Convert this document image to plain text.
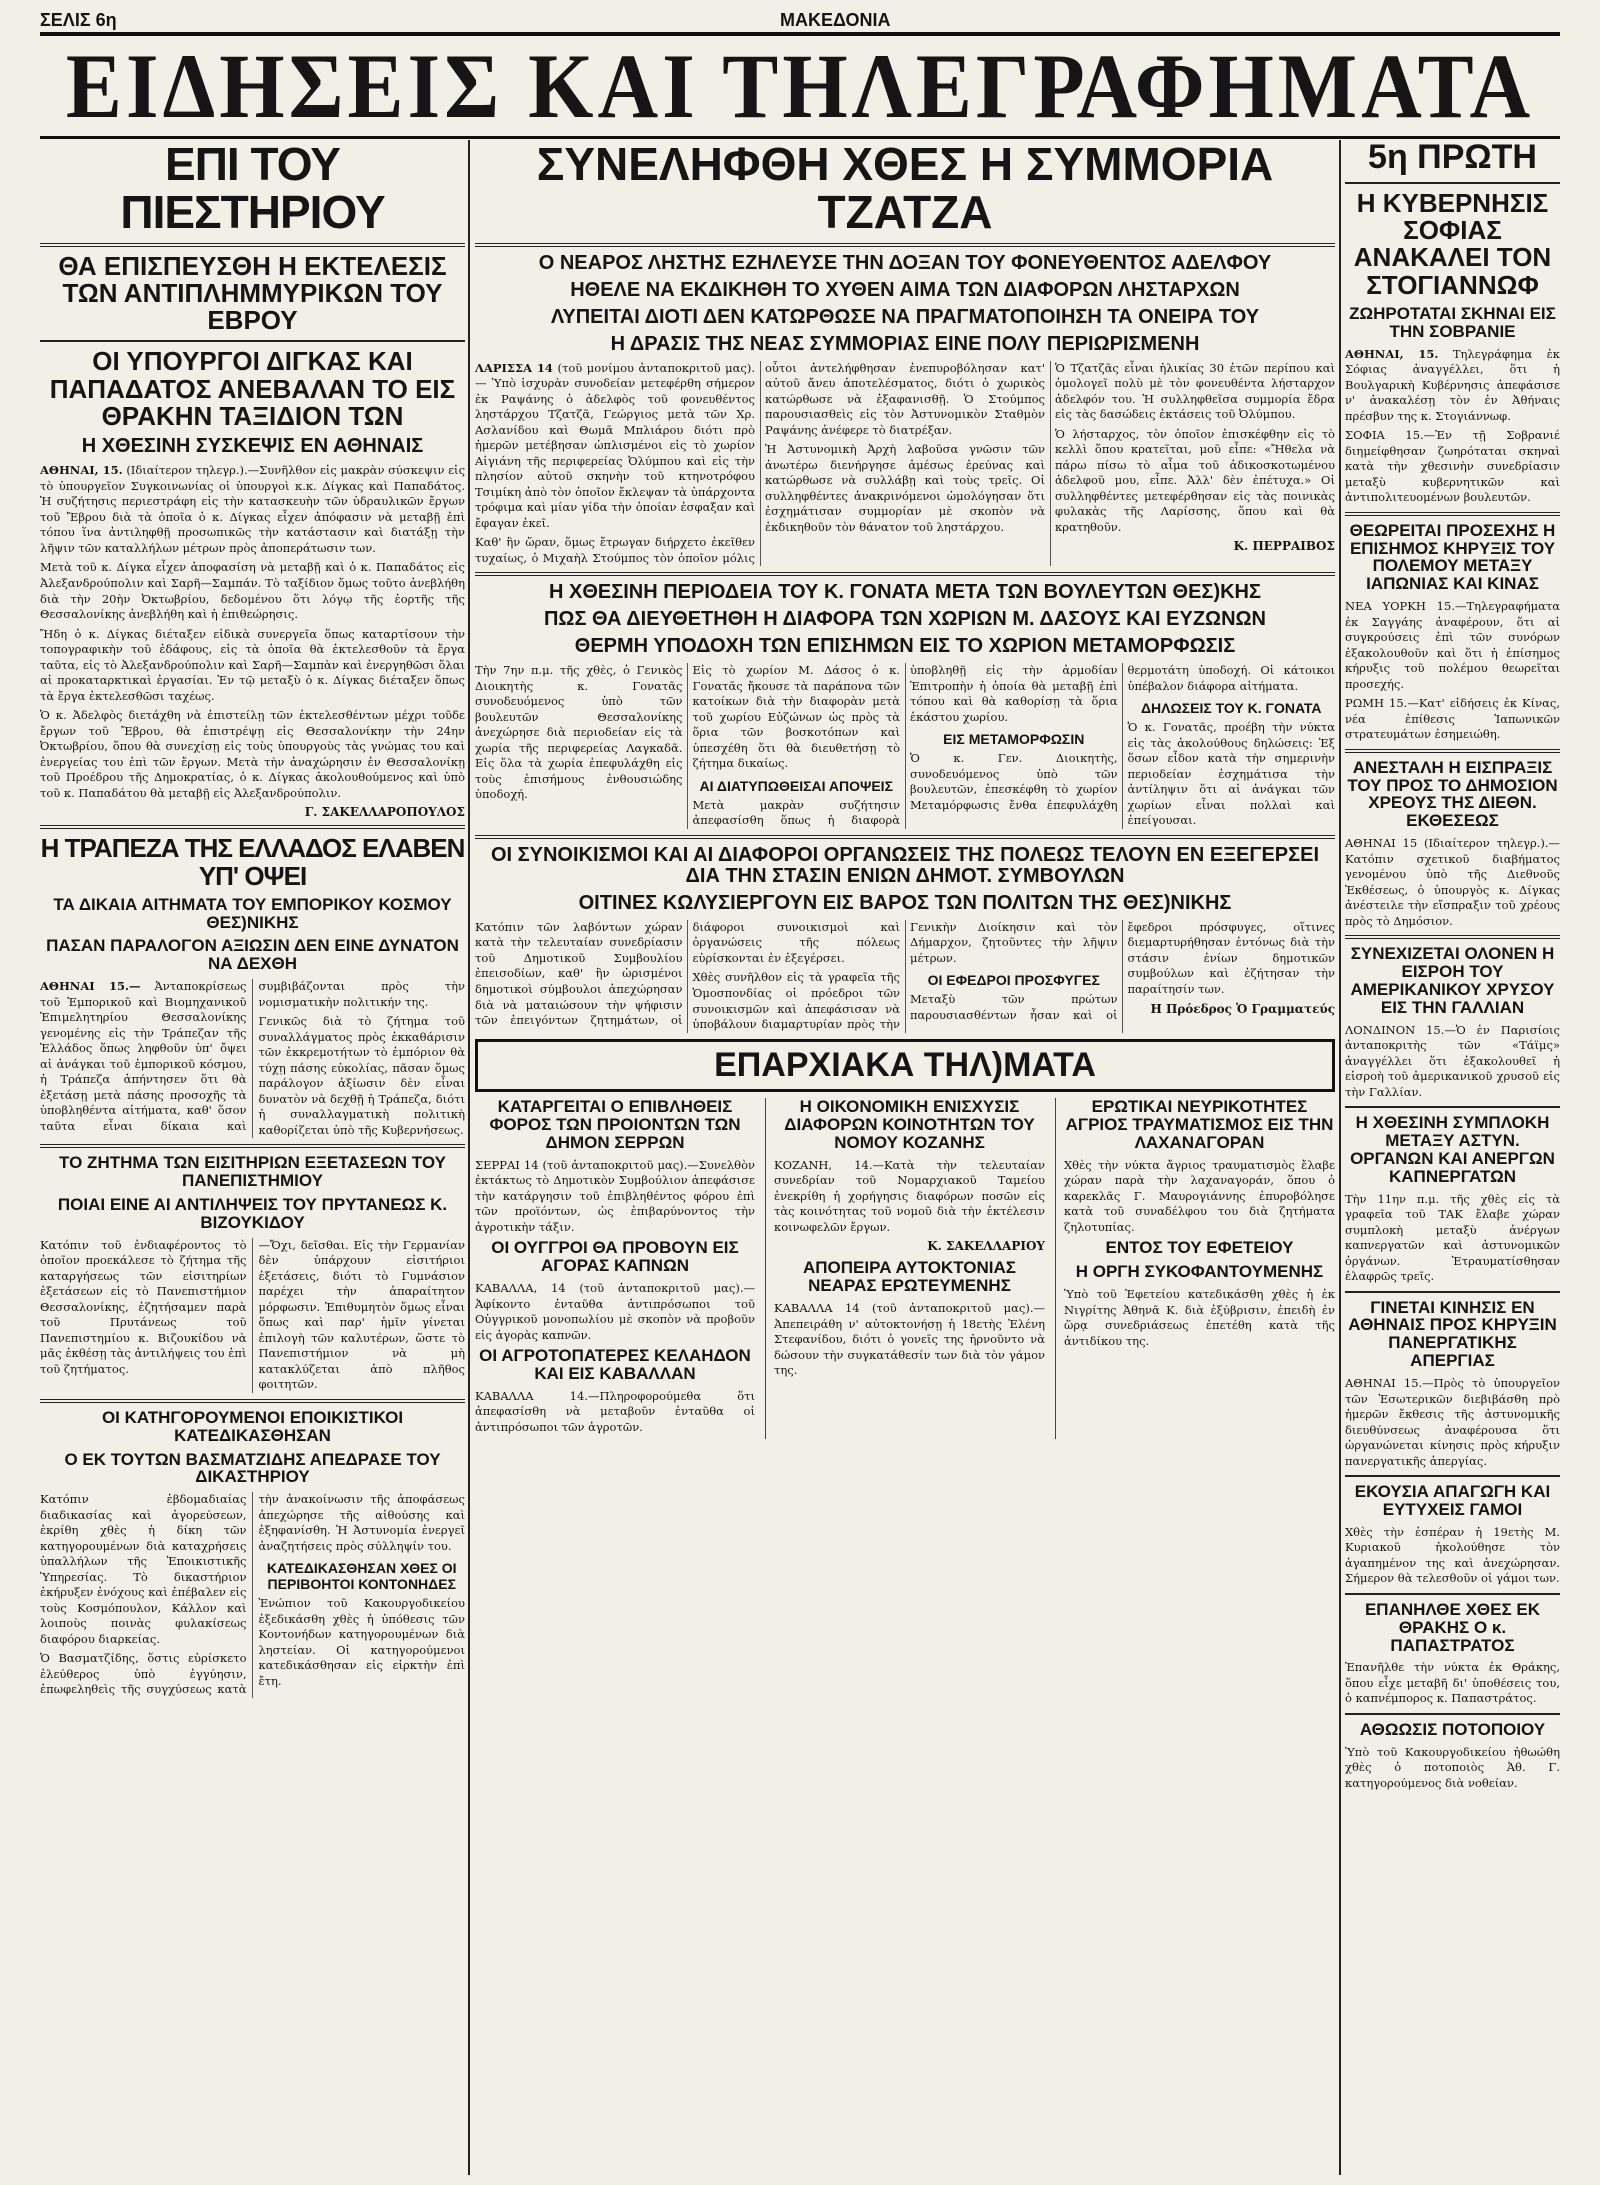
ΣΕΛΙΣ 6η	ΜΑΚΕΔΟΝΙΑ
ΕΙΔΗΣΕΙΣ ΚΑΙ ΤΗΛΕΓΡΑΦΗΜΑΤΑ
ΕΠΙ ΤΟΥ ΠΙΕΣΤΗΡΙΟΥ
ΘΑ ΕΠΙΣΠΕΥΣΘΗ Η ΕΚΤΕΛΕΣΙΣ ΤΩΝ ΑΝΤΙΠΛΗΜΜΥΡΙΚΩΝ ΤΟΥ ΕΒΡΟΥ
ΟΙ ΥΠΟΥΡΓΟΙ ΔΙΓΚΑΣ ΚΑΙ ΠΑΠΑΔΑΤΟΣ ΑΝΕΒΑΛΑΝ ΤΟ ΕΙΣ ΘΡΑΚΗΝ ΤΑΞΙΔΙΟΝ ΤΩΝ
Η ΧΘΕΣΙΝΗ ΣΥΣΚΕΨΙΣ ΕΝ ΑΘΗΝΑΙΣ

ΑΘΗΝΑΙ, 15. (Ιδιαίτερον τηλεγρ.).—Συνῆλθον εἰς μακρὰν σύσκεψιν εἰς τὸ ὑπουργεῖον Συγκοινωνίας οἱ ὑπουργοὶ κ.κ. Δίγκας καὶ Παπαδάτος. Ἡ συζήτησις περιεστράφη εἰς τὴν κατασκευὴν τῶν ὑδραυλικῶν ἔργων τοῦ Ἔβρου διὰ τὰ ὁποῖα ὁ κ. Δίγκας εἶχεν ἀπόφασιν νὰ μεταβῇ ἐπὶ τόπου ἵνα ἀντιληφθῇ προσωπικῶς τὴν κατάστασιν καὶ διατάξῃ τὴν λῆψιν τῶν καταλλήλων μέτρων πρὸς ἀποπεράτωσιν των.

Μετὰ τοῦ κ. Δίγκα εἶχεν ἀποφασίση νὰ μεταβῇ καὶ ὁ κ. Παπαδάτος εἰς Ἀλεξανδρούπολιν καὶ Σαρῆ—Σαμπάν. Τὸ ταξίδιον ὅμως τοῦτο ἀνεβλήθη διὰ τὴν 20ὴν Ὀκτωβρίου, δεδομένου ὅτι λόγῳ τῆς ἐορτῆς τῆς Θεσσαλονίκης ἀνεβλήθη καὶ ἡ ἐπιθεώρησις.

Ἤδη ὁ κ. Δίγκας διέταξεν εἰδικὰ συνεργεῖα ὅπως καταρτίσουν τὴν τοπογραφικὴν τοῦ ἐδάφους, εἰς τὰ ὁποῖα θὰ ἐκτελεσθοῦν τὰ ἔργα ταῦτα, εἰς τὸ Ἀλεξανδρούπολιν καὶ Σαρῆ—Σαμπὰν καὶ ἐνεργηθῶσι ὅλαι αἱ προκαταρκτικαὶ ἐργασίαι. Ἐν τῷ μεταξὺ ὁ κ. Δίγκας διέταξεν ὅπως τὰ ἔργα ἐκτελεσθῶσι ταχέως.

Ὁ κ. Ἀδελφὸς διετάχθη νὰ ἐπιστείλῃ τῶν ἐκτελεσθέντων μέχρι τοῦδε ἔργων τοῦ Ἔβρου, θὰ ἐπιστρέψῃ εἰς Θεσσαλονίκην τὴν 24ην Ὀκτωβρίου, ὅπου θὰ συνεχίσῃ εἰς τοὺς ὑπουργοὺς τὰς γνώμας του καὶ ἐνεργείας του ἐπὶ τῶν ἔργων. Μετὰ τὴν ἀναχώρησιν ἐν Θεσσαλονίκῃ τοῦ Προέδρου τῆς Δημοκρατίας, ὁ κ. Δίγκας ἀκολουθούμενος καὶ ὑπὸ τοῦ κ. Παπαδάτου θὰ μεταβῇ εἰς Ἀλεξανδρούπολιν.

Γ. ΣΑΚΕΛΛΑΡΟΠΟΥΛΟΣ
Η ΤΡΑΠΕΖΑ ΤΗΣ ΕΛΛΑΔΟΣ ΕΛΑΒΕΝ ΥΠ' ΟΨΕΙ
ΤΑ ΔΙΚΑΙΑ ΑΙΤΗΜΑΤΑ ΤΟΥ ΕΜΠΟΡΙΚΟΥ ΚΟΣΜΟΥ ΘΕΣ)ΝΙΚΗΣ
ΠΑΣΑΝ ΠΑΡΑΛΟΓΟΝ ΑΞΙΩΣΙΝ ΔΕΝ ΕΙΝΕ ΔΥΝΑΤΟΝ ΝΑ ΔΕΧΘΗ

ΑΘΗΝΑΙ 15.— Ἀνταποκρίσεως τοῦ Ἐμπορικοῦ καὶ Βιομηχανικοῦ Ἐπιμελητηρίου Θεσσαλονίκης γενομένης εἰς τὴν Τράπεζαν τῆς Ἑλλάδος ὅπως ληφθοῦν ὑπ' ὄψει αἱ ἀνάγκαι τοῦ ἐμπορικοῦ κόσμου, ἡ Τράπεζα ἀπήντησεν ὅτι θὰ ἐξετάσῃ μετὰ πάσης προσοχῆς τὰ ὑποβληθέντα αἰτήματα, καθ' ὅσον ταῦτα εἶναι δίκαια καὶ συμβιβάζονται πρὸς τὴν νομισματικὴν πολιτικήν της.

Γενικῶς διὰ τὸ ζήτημα τοῦ συναλλάγματος πρὸς ἐκκαθάρισιν τῶν ἐκκρεμοτήτων τὸ ἐμπόριον θὰ τύχῃ πάσης εὐκολίας, πᾶσαν ὅμως παράλογον ἀξίωσιν δὲν εἶναι δυνατὸν νὰ δεχθῇ ἡ Τράπεζα, διότι ἡ συναλλαγματικὴ πολιτικὴ καθορίζεται ὑπὸ τῆς Κυβερνήσεως.

ΤΟ ΖΗΤΗΜΑ ΤΩΝ ΕΙΣΙΤΗΡΙΩΝ ΕΞΕΤΑΣΕΩΝ ΤΟΥ ΠΑΝΕΠΙΣΤΗΜΙΟΥ
ΠΟΙΑΙ ΕΙΝΕ ΑΙ ΑΝΤΙΛΗΨΕΙΣ ΤΟΥ ΠΡΥΤΑΝΕΩΣ Κ. ΒΙΖΟΥΚΙΔΟΥ

Κατόπιν τοῦ ἐνδιαφέροντος τὸ ὁποῖον προεκάλεσε τὸ ζήτημα τῆς καταργήσεως τῶν εἰσιτηρίων ἐξετάσεων εἰς τὸ Πανεπιστήμιον Θεσσαλονίκης, ἐζητήσαμεν παρὰ τοῦ Πρυτάνεως τοῦ Πανεπιστημίου κ. Βιζουκίδου νὰ μᾶς ἐκθέσῃ τὰς ἀντιλήψεις του ἐπὶ τοῦ ζητήματος.

—Ὄχι, δεῖσθαι. Εἰς τὴν Γερμανίαν δὲν ὑπάρχουν εἰσιτήριοι ἐξετάσεις, διότι τὸ Γυμνάσιον παρέχει τὴν ἀπαραίτητον μόρφωσιν. Ἐπιθυμητὸν ὅμως εἶναι ὅπως καὶ παρ' ἡμῖν γίνεται ἐπιλογὴ τῶν καλυτέρων, ὥστε τὸ Πανεπιστήμιον νὰ μὴ κατακλύζεται ἀπὸ πλῆθος φοιτητῶν.

ΟΙ ΚΑΤΗΓΟΡΟΥΜΕΝΟΙ ΕΠΟΙΚΙΣΤΙΚΟΙ ΚΑΤΕΔΙΚΑΣΘΗΣΑΝ
Ο ΕΚ ΤΟΥΤΩΝ ΒΑΣΜΑΤΖΙΔΗΣ ΑΠΕΔΡΑΣΕ ΤΟΥ ΔΙΚΑΣΤΗΡΙΟΥ

Κατόπιν ἑβδομαδιαίας διαδικασίας καὶ ἀγορεύσεων, ἐκρίθη χθὲς ἡ δίκη τῶν κατηγορουμένων διὰ καταχρήσεις ὑπαλλήλων τῆς Ἐποικιστικῆς Ὑπηρεσίας. Τὸ δικαστήριον ἐκήρυξεν ἐνόχους καὶ ἐπέβαλεν εἰς τοὺς Κοσμόπουλον, Κάλλον καὶ λοιποὺς ποινὰς φυλακίσεως διαφόρου διαρκείας.

Ὁ Βασματζίδης, ὅστις εὑρίσκετο ἐλεύθερος ὑπὸ ἐγγύησιν, ἐπωφεληθεὶς τῆς συγχύσεως κατὰ τὴν ἀνακοίνωσιν τῆς ἀποφάσεως ἀπεχώρησε τῆς αἰθούσης καὶ ἐξηφανίσθη. Ἡ Ἀστυνομία ἐνεργεῖ ἀναζητήσεις πρὸς σύλληψίν του.

ΚΑΤΕΔΙΚΑΣΘΗΣΑΝ ΧΘΕΣ ΟΙ ΠΕΡΙΒΟΗΤΟΙ ΚΟΝΤΟΝΗΔΕΣ

Ἐνώπιον τοῦ Κακουργοδικείου ἐξεδικάσθη χθὲς ἡ ὑπόθεσις τῶν Κοντονήδων κατηγορουμένων διὰ ληστείαν. Οἱ κατηγορούμενοι κατεδικάσθησαν εἰς εἰρκτὴν ἐπὶ ἔτη.

ΣΥΝΕΛΗΦΘΗ ΧΘΕΣ Η ΣΥΜΜΟΡΙΑ ΤΖΑΤΖΑ
Ο ΝΕΑΡΟΣ ΛΗΣΤΗΣ ΕΖΗΛΕΥΣΕ ΤΗΝ ΔΟΞΑΝ ΤΟΥ ΦΟΝΕΥΘΕΝΤΟΣ ΑΔΕΛΦΟΥ
ΗΘΕΛΕ ΝΑ ΕΚΔΙΚΗΘΗ ΤΟ ΧΥΘΕΝ ΑΙΜΑ ΤΩΝ ΔΙΑΦΟΡΩΝ ΛΗΣΤΑΡΧΩΝ
ΛΥΠΕΙΤΑΙ ΔΙΟΤΙ ΔΕΝ ΚΑΤΩΡΘΩΣΕ ΝΑ ΠΡΑΓΜΑΤΟΠΟΙΗΣΗ ΤΑ ΟΝΕΙΡΑ ΤΟΥ
Η ΔΡΑΣΙΣ ΤΗΣ ΝΕΑΣ ΣΥΜΜΟΡΙΑΣ ΕΙΝΕ ΠΟΛΥ ΠΕΡΙΩΡΙΣΜΕΝΗ

ΛΑΡΙΣΣΑ 14 (τοῦ μονίμου ἀνταποκριτοῦ μας).— Ὑπὸ ἰσχυρὰν συνοδείαν μετεφέρθη σήμερον ἐκ Ραψάνης ὁ ἀδελφὸς τοῦ φονευθέντος ληστάρχου Τζατζᾶ, Γεώργιος μετὰ τῶν Χρ. Ασλανίδου καὶ Θωμᾶ Μπλιάρου διότι πρὸ ἡμερῶν μετέβησαν ὡπλισμένοι εἰς τὸ χωρίον Αἰγιάνη τῆς περιφερείας Ὀλύμπου καὶ εἰς τὴν πλησίον αὐτοῦ σκηνὴν τοῦ κτηνοτρόφου Τσιμίκη ἀπὸ τὸν ὁποῖον ἔκλεψαν τὰ ὑπάρχοντα τρόφιμα καὶ μίαν γίδα τὴν ὁποίαν ἐσφαξαν καὶ ἔφαγαν ἐκεῖ.

Καθ' ἣν ὥραν, ὅμως ἔτρωγαν διήρχετο ἐκεῖθεν τυχαίως, ὁ Μιχαὴλ Στούμπος τὸν ὁποῖον μόλις οὗτοι ἀντελήφθησαν ἐνεπυροβόλησαν κατ' αὐτοῦ ἄνευ ἀποτελέσματος, διότι ὁ χωρικὸς κατώρθωσε νὰ ἐξαφανισθῇ. Ὁ Στούμπος παρουσιασθεὶς εἰς τὸν Ἀστυνομικὸν Σταθμὸν Ραψάνης ἀνέφερε τὸ διατρέξαν.

Ἡ Ἀστυνομικὴ Ἀρχὴ λαβοῦσα γνῶσιν τῶν ἀνωτέρω διενήργησε ἀμέσως ἐρεύνας καὶ κατώρθωσε νὰ συλλάβῃ καὶ τοὺς τρεῖς. Οἱ συλληφθέντες ἀνακρινόμενοι ὡμολόγησαν ὅτι ἐσχημάτισαν συμμορίαν μὲ σκοπὸν νὰ ἐκδικηθοῦν τὸν θάνατον τοῦ ληστάρχου.

Ὁ Τζατζᾶς εἶναι ἡλικίας 30 ἐτῶν περίπου καὶ ὁμολογεῖ πολὺ μὲ τὸν φονευθέντα λήσταρχον ἀδελφόν του. Ἡ συλληφθεῖσα συμμορία ἔδρα εἰς τὰς δασώδεις ἐκτάσεις τοῦ Ὀλύμπου.

Ὁ λήσταρχος, τὸν ὁποῖον ἐπισκέφθην εἰς τὸ κελλὶ ὅπου κρατεῖται, μοῦ εἶπε: «Ἤθελα νὰ πάρω πίσω τὸ αἷμα τοῦ ἀδικοσκοτωμένου ἀδελφοῦ μου, εἶπε. Ἀλλ' δὲν ἐπέτυχα.» Οἱ συλληφθέντες μετεφέρθησαν εἰς τὰς ποινικὰς φυλακὰς τῆς Λαρίσσης, ὅπου καὶ θὰ κρατηθοῦν.

Κ. ΠΕΡΡΑΙΒΟΣ
Η ΧΘΕΣΙΝΗ ΠΕΡΙΟΔΕΙΑ ΤΟΥ Κ. ΓΟΝΑΤΑ ΜΕΤΑ ΤΩΝ ΒΟΥΛΕΥΤΩΝ ΘΕΣ)ΚΗΣ
ΠΩΣ ΘΑ ΔΙΕΥΘΕΤΗΘΗ Η ΔΙΑΦΟΡΑ ΤΩΝ ΧΩΡΙΩΝ Μ. ΔΑΣΟΥΣ ΚΑΙ ΕΥΖΩΝΩΝ
ΘΕΡΜΗ ΥΠΟΔΟΧΗ ΤΩΝ ΕΠΙΣΗΜΩΝ ΕΙΣ ΤΟ ΧΩΡΙΟΝ ΜΕΤΑΜΟΡΦΩΣΙΣ

Τὴν 7ην π.μ. τῆς χθὲς, ὁ Γενικὸς Διοικητὴς κ. Γονατᾶς συνοδευόμενος ὑπὸ τῶν βουλευτῶν Θεσσαλονίκης ἀνεχώρησε διὰ περιοδείαν εἰς τὰ χωρία τῆς περιφερείας Λαγκαδᾶ. Εἰς ὅλα τὰ χωρία ἐπεφυλάχθη εἰς τοὺς ἐπισήμους ἐνθουσιώδης ὑποδοχή.

Εἰς τὸ χωρίον Μ. Δάσος ὁ κ. Γονατᾶς ἤκουσε τὰ παράπονα τῶν κατοίκων διὰ τὴν διαφορὰν μετὰ τοῦ χωρίου Εὐζώνων ὡς πρὸς τὰ ὅρια τῶν βοσκοτόπων καὶ ὑπεσχέθη ὅτι θὰ διευθετήσῃ τὸ ζήτημα δικαίως.

ΑΙ ΔΙΑΤΥΠΩΘΕΙΣΑΙ ΑΠΟΨΕΙΣ

Μετὰ μακρὰν συζήτησιν ἀπεφασίσθη ὅπως ἡ διαφορὰ ὑποβληθῇ εἰς τὴν ἀρμοδίαν Ἐπιτροπὴν ἡ ὁποία θὰ μεταβῇ ἐπὶ τόπου καὶ θὰ καθορίσῃ τὰ ὅρια ἑκάστου χωρίου.

ΕΙΣ ΜΕΤΑΜΟΡΦΩΣΙΝ

Ὁ κ. Γεν. Διοικητὴς, συνοδευόμενος ὑπὸ τῶν βουλευτῶν, ἐπεσκέφθη τὸ χωρίον Μεταμόρφωσις ἔνθα ἐπεφυλάχθη θερμοτάτη ὑποδοχή. Οἱ κάτοικοι ὑπέβαλον διάφορα αἰτήματα.

ΔΗΛΩΣΕΙΣ ΤΟΥ Κ. ΓΟΝΑΤΑ

Ὁ κ. Γονατᾶς, προέβη τὴν νύκτα εἰς τὰς ἀκολούθους δηλώσεις: Ἐξ ὅσων εἶδον κατὰ τὴν σημερινὴν περιοδείαν ἐσχημάτισα τὴν ἀντίληψιν ὅτι αἱ ἀνάγκαι τῶν χωρίων εἶναι πολλαὶ καὶ ἐπείγουσαι.

ΟΙ ΣΥΝΟΙΚΙΣΜΟΙ ΚΑΙ ΑΙ ΔΙΑΦΟΡΟΙ ΟΡΓΑΝΩΣΕΙΣ ΤΗΣ ΠΟΛΕΩΣ ΤΕΛΟΥΝ ΕΝ ΕΞΕΓΕΡΣΕΙ ΔΙΑ ΤΗΝ ΣΤΑΣΙΝ ΕΝΙΩΝ ΔΗΜΟΤ. ΣΥΜΒΟΥΛΩΝ
ΟΙΤΙΝΕΣ ΚΩΛΥΣΙΕΡΓΟΥΝ ΕΙΣ ΒΑΡΟΣ ΤΩΝ ΠΟΛΙΤΩΝ ΤΗΣ ΘΕΣ)ΝΙΚΗΣ

Κατόπιν τῶν λαβόντων χώραν κατὰ τὴν τελευταίαν συνεδρίασιν τοῦ Δημοτικοῦ Συμβουλίου ἐπεισοδίων, καθ' ἣν ὡρισμένοι δημοτικοὶ σύμβουλοι ἀπεχώρησαν διὰ νὰ ματαιώσουν τὴν ψήφισιν τῶν ἐπειγόντων ζητημάτων, οἱ διάφοροι συνοικισμοὶ καὶ ὀργανώσεις τῆς πόλεως εὑρίσκονται ἐν ἐξεγέρσει.

Χθὲς συνῆλθον εἰς τὰ γραφεῖα τῆς Ὁμοσπονδίας οἱ πρόεδροι τῶν συνοικισμῶν καὶ ἀπεφάσισαν νὰ ὑποβάλουν διαμαρτυρίαν πρὸς τὴν Γενικὴν Διοίκησιν καὶ τὸν Δήμαρχον, ζητοῦντες τὴν λῆψιν μέτρων.

ΟΙ ΕΦΕΔΡΟΙ ΠΡΟΣΦΥΓΕΣ

Μεταξὺ τῶν πρώτων παρουσιασθέντων ἦσαν καὶ οἱ ἔφεδροι πρόσφυγες, οἵτινες διεμαρτυρήθησαν ἐντόνως διὰ τὴν στάσιν ἐνίων δημοτικῶν συμβούλων καὶ ἐζήτησαν τὴν παραίτησίν των.

Η Πρόεδρος Ὁ Γραμματεύς
ΕΠΑΡΧΙΑΚΑ ΤΗΛ)ΜΑΤΑ
ΚΑΤΑΡΓΕΙΤΑΙ Ο ΕΠΙΒΛΗΘΕΙΣ ΦΟΡΟΣ ΤΩΝ ΠΡΟΙΟΝΤΩΝ ΤΩΝ ΔΗΜΟΝ ΣΕΡΡΩΝ

ΣΕΡΡΑΙ 14 (τοῦ ἀνταποκριτοῦ μας).—Συνελθὸν ἐκτάκτως τὸ Δημοτικὸν Συμβούλιον ἀπεφάσισε τὴν κατάργησιν τοῦ ἐπιβληθέντος φόρου ἐπὶ τῶν προϊόντων, ὡς ἐπιβαρύνοντος τὴν ἀγροτικὴν τάξιν.

ΟΙ ΟΥΓΓΡΟΙ ΘΑ ΠΡΟΒΟΥΝ ΕΙΣ ΑΓΟΡΑΣ ΚΑΠΝΩΝ

ΚΑΒΑΛΛΑ, 14 (τοῦ ἀνταποκριτοῦ μας).—Ἀφίκοντο ἐνταῦθα ἀντιπρόσωποι τοῦ Οὑγγρικοῦ μονοπωλίου μὲ σκοπὸν νὰ προβοῦν εἰς ἀγορὰς καπνῶν.

ΟΙ ΑΓΡΟΤΟΠΑΤΕΡΕΣ ΚΕΛΑΗΔΟΝ ΚΑΙ ΕΙΣ ΚΑΒΑΛΛΑΝ

ΚΑΒΑΛΛΑ 14.—Πληροφορούμεθα ὅτι ἀπεφασίσθη νὰ μεταβοῦν ἐνταῦθα οἱ ἀντιπρόσωποι τῶν ἀγροτῶν.

Η ΟΙΚΟΝΟΜΙΚΗ ΕΝΙΣΧΥΣΙΣ ΔΙΑΦΟΡΩΝ ΚΟΙΝΟΤΗΤΩΝ ΤΟΥ ΝΟΜΟΥ ΚΟΖΑΝΗΣ

ΚΟΖΑΝΗ, 14.—Κατὰ τὴν τελευταίαν συνεδρίαν τοῦ Νομαρχιακοῦ Ταμείου ἐνεκρίθη ἡ χορήγησις διαφόρων ποσῶν εἰς τὰς κοινότητας τοῦ νομοῦ διὰ τὴν ἐκτέλεσιν κοινωφελῶν ἔργων.

Κ. ΣΑΚΕΛΛΑΡΙΟΥ
ΑΠΟΠΕΙΡΑ ΑΥΤΟΚΤΟΝΙΑΣ ΝΕΑΡΑΣ ΕΡΩΤΕΥΜΕΝΗΣ

ΚΑΒΑΛΛΑ 14 (τοῦ ἀνταποκριτοῦ μας).—Ἀπεπειράθη ν' αὐτοκτονήσῃ ἡ 18ετὴς Ἑλένη Στεφανίδου, διότι ὁ γονεῖς της ἠρνοῦντο νὰ δώσουν τὴν συγκατάθεσίν των διὰ τὸν γάμον της.

ΕΡΩΤΙΚΑΙ ΝΕΥΡΙΚΟΤΗΤΕΣ ΑΓΡΙΟΣ ΤΡΑΥΜΑΤΙΣΜΟΣ ΕΙΣ ΤΗΝ ΛΑΧΑΝΑΓΟΡΑΝ

Χθὲς τὴν νύκτα ἄγριος τραυματισμὸς ἔλαβε χώραν παρὰ τὴν λαχαναγοράν, ὅπου ὁ καρεκλᾶς Γ. Μαυρογιάννης ἐπυροβόλησε κατὰ τοῦ συναδέλφου του διὰ ζητήματα ζηλοτυπίας.

ΕΝΤΟΣ ΤΟΥ ΕΦΕΤΕΙΟΥ
Η ΟΡΓΗ ΣΥΚΟΦΑΝΤΟΥΜΕΝΗΣ

Ὑπὸ τοῦ Ἐφετείου κατεδικάσθη χθὲς ἡ ἐκ Νιγρίτης Ἀθηνᾶ Κ. διὰ ἐξύβρισιν, ἐπειδὴ ἐν ὥρᾳ συνεδριάσεως ἐπετέθη κατὰ τῆς ἀντιδίκου της.

5η ΠΡΩΤΗ
Η ΚΥΒΕΡΝΗΣΙΣ ΣΟΦΙΑΣ ΑΝΑΚΑΛΕΙ ΤΟΝ ΣΤΟΓΙΑΝΝΩΦ
ΖΩΗΡΟΤΑΤΑΙ ΣΚΗΝΑΙ ΕΙΣ ΤΗΝ ΣΟΒΡΑΝΙΕ

ΑΘΗΝΑΙ, 15. Τηλεγράφημα ἐκ Σόφιας ἀναγγέλλει, ὅτι ἡ Βουλγαρικὴ Κυβέρνησις ἀπεφάσισε ν' ἀνακαλέσῃ τὸν ἐν Ἀθήναις πρέσβυν της κ. Στογιάννωφ.

ΣΟΦΙΑ 15.—Ἐν τῇ Σοβρανιέ διημείφθησαν ζωηρόταται σκηναὶ κατὰ τὴν χθεσινὴν συνεδρίασιν μεταξὺ κυβερνητικῶν καὶ ἀντιπολιτευομένων βουλευτῶν.

ΘΕΩΡΕΙΤΑΙ ΠΡΟΣΕΧΗΣ Η ΕΠΙΣΗΜΟΣ ΚΗΡΥΞΙΣ ΤΟΥ ΠΟΛΕΜΟΥ ΜΕΤΑΞΥ ΙΑΠΩΝΙΑΣ ΚΑΙ ΚΙΝΑΣ

ΝΕΑ ΥΟΡΚΗ 15.—Τηλεγραφήματα ἐκ Σαγγάης ἀναφέρουν, ὅτι αἱ συγκρούσεις ἐπὶ τῶν συνόρων ἐξακολουθοῦν καὶ ὅτι ἡ ἐπίσημος κήρυξις τοῦ πολέμου θεωρεῖται προσεχής.

ΡΩΜΗ 15.—Κατ' εἰδήσεις ἐκ Κίνας, νέα ἐπίθεσις Ἰαπωνικῶν στρατευμάτων ἐσημειώθη.

ΑΝΕΣΤΑΛΗ Η ΕΙΣΠΡΑΞΙΣ ΤΟΥ ΠΡΟΣ ΤΟ ΔΗΜΟΣΙΟΝ ΧΡΕΟΥΣ ΤΗΣ ΔΙΕΘΝ. ΕΚΘΕΣΕΩΣ

ΑΘΗΝΑΙ 15 (Ιδιαίτερον τηλεγρ.).—Κατόπιν σχετικοῦ διαβήματος γενομένου ὑπὸ τῆς Διεθνοῦς Ἐκθέσεως, ὁ ὑπουργὸς κ. Δίγκας ἀνέστειλε τὴν εἴσπραξιν τοῦ χρέους πρὸς τὸ Δημόσιον.

ΣΥΝΕΧΙΖΕΤΑΙ ΟΛΟΝΕΝ Η ΕΙΣΡΟΗ ΤΟΥ ΑΜΕΡΙΚΑΝΙΚΟΥ ΧΡΥΣΟΥ ΕΙΣ ΤΗΝ ΓΑΛΛΙΑΝ

ΛΟΝΔΙΝΟΝ 15.—Ὁ ἐν Παρισίοις ἀνταποκριτὴς τῶν «Τάϊμς» ἀναγγέλλει ὅτι ἐξακολουθεῖ ἡ εἰσροὴ τοῦ ἀμερικανικοῦ χρυσοῦ εἰς τὴν Γαλλίαν.

Η ΧΘΕΣΙΝΗ ΣΥΜΠΛΟΚΗ ΜΕΤΑΞΥ ΑΣΤΥΝ. ΟΡΓΑΝΩΝ ΚΑΙ ΑΝΕΡΓΩΝ ΚΑΠΝΕΡΓΑΤΩΝ

Τὴν 11ην π.μ. τῆς χθὲς εἰς τὰ γραφεῖα τοῦ ΤΑΚ ἔλαβε χώραν συμπλοκὴ μεταξὺ ἀνέργων καπνεργατῶν καὶ ἀστυνομικῶν ὀργάνων. Ἐτραυματίσθησαν ἐλαφρῶς τρεῖς.

ΓΙΝΕΤΑΙ ΚΙΝΗΣΙΣ ΕΝ ΑΘΗΝΑΙΣ ΠΡΟΣ ΚΗΡΥΞΙΝ ΠΑΝΕΡΓΑΤΙΚΗΣ ΑΠΕΡΓΙΑΣ

ΑΘΗΝΑΙ 15.—Πρὸς τὸ ὑπουργεῖον τῶν Ἐσωτερικῶν διεβιβάσθη πρὸ ἡμερῶν ἔκθεσις τῆς ἀστυνομικῆς διευθύνσεως ἀναφέρουσα ὅτι ὠργανώνεται κίνησις πρὸς κήρυξιν πανεργατικῆς ἀπεργίας.

ΕΚΟΥΣΙΑ ΑΠΑΓΩΓΗ ΚΑΙ ΕΥΤΥΧΕΙΣ ΓΑΜΟΙ

Χθὲς τὴν ἑσπέραν ἡ 19ετὴς Μ. Κυριακοῦ ἠκολούθησε τὸν ἀγαπημένον της καὶ ἀνεχώρησαν. Σήμερον θὰ τελεσθοῦν οἱ γάμοι των.

ΕΠΑΝΗΛΘΕ ΧΘΕΣ ΕΚ ΘΡΑΚΗΣ Ο κ. ΠΑΠΑΣΤΡΑΤΟΣ

Ἐπανῆλθε τὴν νύκτα ἐκ Θράκης, ὅπου εἶχε μεταβῆ δι' ὑποθέσεις του, ὁ καπνέμπορος κ. Παπαστράτος.

ΑΘΩΩΣΙΣ ΠΟΤΟΠΟΙΟΥ

Ὑπὸ τοῦ Κακουργοδικείου ἠθωώθη χθὲς ὁ ποτοποιὸς Ἀθ. Γ. κατηγορούμενος διὰ νοθείαν.
